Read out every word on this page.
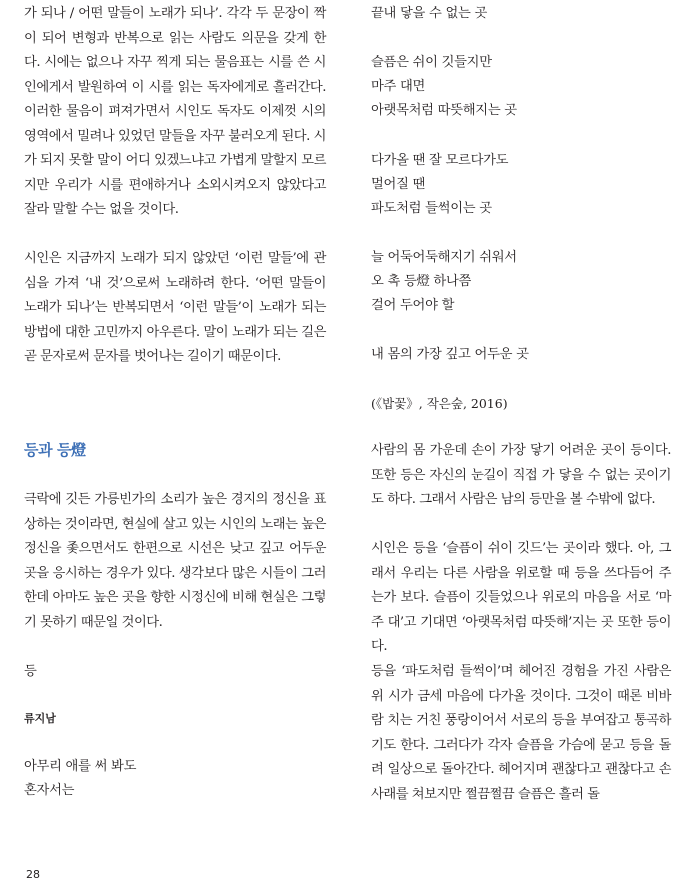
가 되나 / 어떤 말들이 노래가 되나’. 각각 두 문장이 짝이 되어 변형과 반복으로 읽는 사람도 의문을 갖게 한다. 시에는 없으나 자꾸 찍게 되는 물음표는 시를 쓴 시인에게서 발원하여 이 시를 읽는 독자에게로 흘러간다. 이러한 물음이 펴져가면서 시인도 독자도 이제껏 시의 영역에서 밀려나 있었던 말들을 자꾸 불러오게 된다. 시가 되지 못할 말이 어디 있겠느냐고 가볍게 말할지 모르지만 우리가 시를 편애하거나 소외시켜오지 않았다고 잘라 말할 수는 없을 것이다.

시인은 지금까지 노래가 되지 않았던 ‘이런 말들’에 관심을 가져 ‘내 것’으로써 노래하려 한다. ‘어떤 말들이 노래가 되나’는 반복되면서 ‘이런 말들’이 노래가 되는 방법에 대한 고민까지 아우른다. 말이 노래가 되는 길은 곧 문자로써 문자를 벗어나는 길이기 때문이다.

등과 등燈

극락에 깃든 가릉빈가의 소리가 높은 경지의 정신을 표상하는 것이라면, 현실에 살고 있는 시인의 노래는 높은 정신을 좇으면서도 한편으로 시선은 낮고 깊고 어두운 곳을 응시하는 경우가 있다. 생각보다 많은 시들이 그러한데 아마도 높은 곳을 향한 시정신에 비해 현실은 그렇기 못하기 때문일 것이다.

등

류지남

아무리 애를 써 봐도

혼자서는

끝내 닿을 수 없는 곳

슬픔은 쉬이 깃들지만

마주 대면

아랫목처럼 따뜻해지는 곳

다가올 땐 잘 모르다가도

멀어질 땐

파도처럼 들썩이는 곳

늘 어둑어둑해지기 쉬워서

오 촉 등燈 하나쯤

걸어 두어야 할

내 몸의 가장 깊고 어두운 곳

(《밥꽃》, 작은숲, 2016)

사람의 몸 가운데 손이 가장 닿기 어려운 곳이 등이다. 또한 등은 자신의 눈길이 직접 가 닿을 수 없는 곳이기도 하다. 그래서 사람은 남의 등만을 볼 수밖에 없다.

시인은 등을 ‘슬픔이 쉬이 깃드’는 곳이라 했다. 아, 그래서 우리는 다른 사람을 위로할 때 등을 쓰다듬어 주는가 보다. 슬픔이 깃들었으나 위로의 마음을 서로 ‘마주 대’고 기대면 ‘아랫목처럼 따뜻해’지는 곳 또한 등이다.

등을 ‘파도처럼 들썩이’며 헤어진 경험을 가진 사람은 위 시가 금세 마음에 다가올 것이다. 그것이 때론 비바람 치는 거친 풍랑이어서 서로의 등을 부여잡고 통곡하기도 한다. 그러다가 각자 슬픔을 가슴에 묻고 등을 돌려 일상으로 돌아간다. 헤어지며 괜찮다고 괜찮다고 손사래를 쳐보지만 쩔끔쩔끔 슬픔은 흘러 돌

28
